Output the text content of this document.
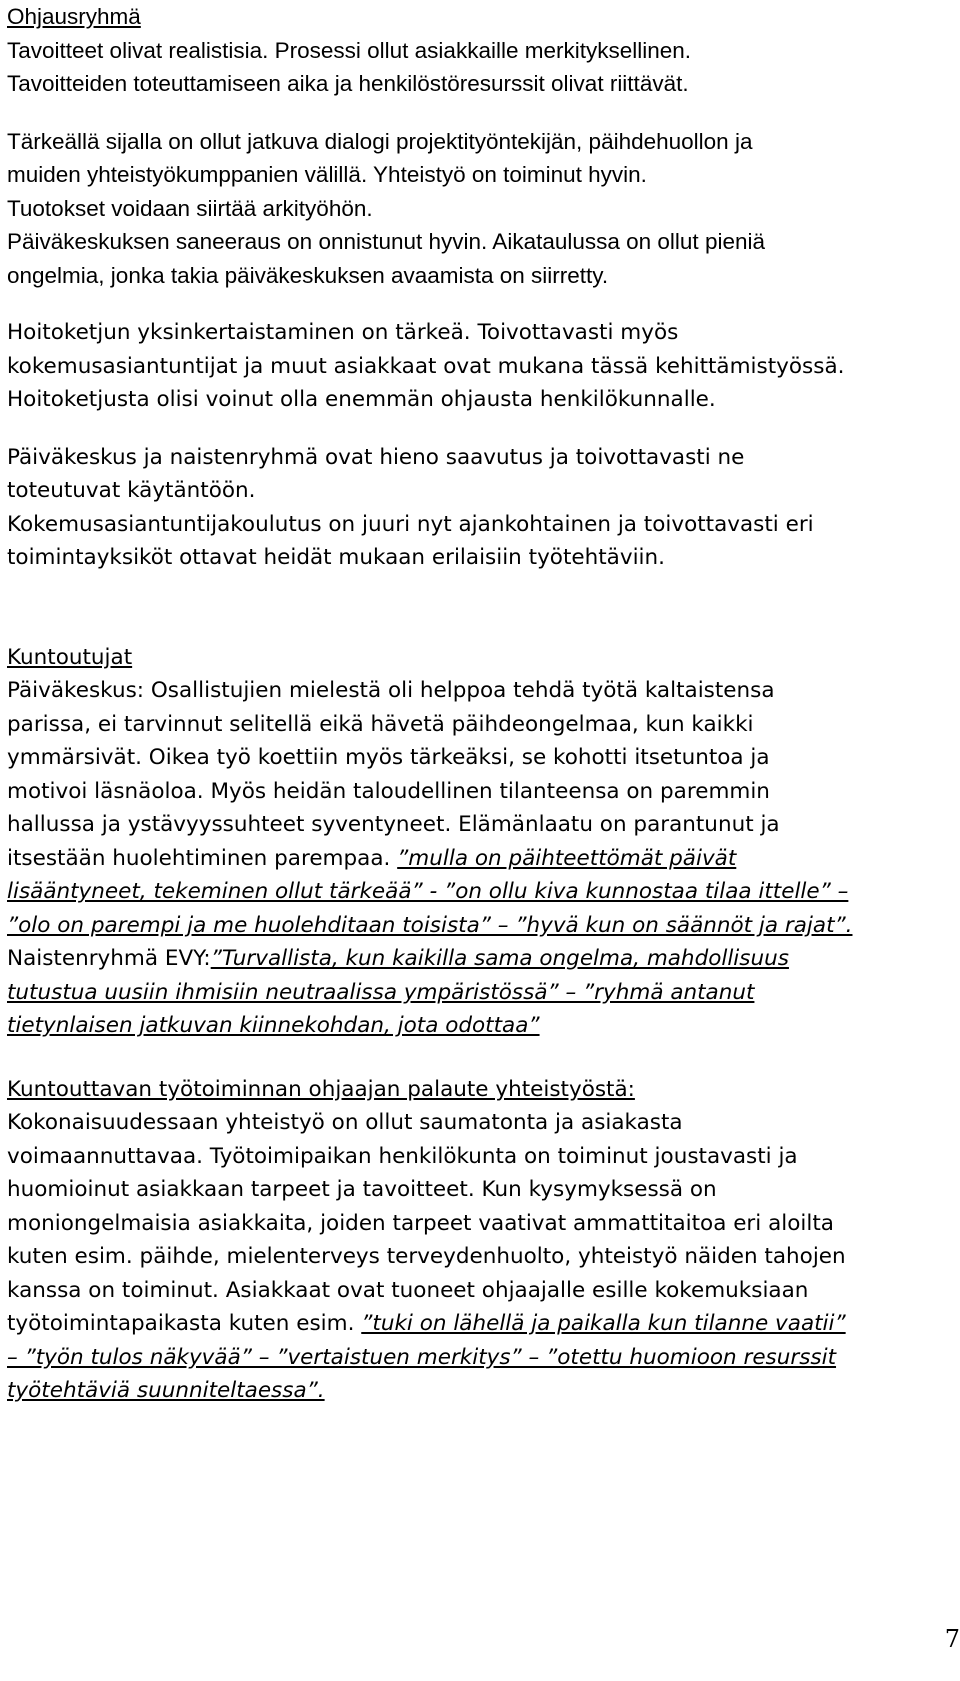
Ohjausryhmä

Tavoitteet olivat realistisia. Prosessi ollut asiakkaille merkityksellinen.

Tavoitteiden toteuttamiseen aika ja henkilöstöresurssit olivat riittävät.

Tärkeällä sijalla on ollut jatkuva dialogi projektityöntekijän, päihdehuollon ja

muiden yhteistyökumppanien välillä. Yhteistyö on toiminut hyvin.

Tuotokset voidaan siirtää arkityöhön.

Päiväkeskuksen saneeraus on onnistunut hyvin. Aikataulussa on ollut pieniä

ongelmia, jonka takia päiväkeskuksen avaamista on siirretty.

Hoitoketjun yksinkertaistaminen on tärkeä. Toivottavasti myös

kokemusasiantuntijat ja muut asiakkaat ovat mukana tässä kehittämistyössä.

Hoitoketjusta olisi voinut olla enemmän ohjausta henkilökunnalle.

Päiväkeskus ja naistenryhmä ovat hieno saavutus ja toivottavasti ne

toteutuvat käytäntöön.

Kokemusasiantuntijakoulutus on juuri nyt ajankohtainen ja toivottavasti eri

toimintayksiköt ottavat heidät mukaan erilaisiin työtehtäviin.

Kuntoutujat

Päiväkeskus: Osallistujien mielestä oli helppoa tehdä työtä kaltaistensa

parissa, ei tarvinnut selitellä eikä hävetä päihdeongelmaa, kun kaikki

ymmärsivät. Oikea työ koettiin myös tärkeäksi, se kohotti itsetuntoa ja

motivoi läsnäoloa. Myös heidän taloudellinen tilanteensa on paremmin

hallussa ja ystävyyssuhteet syventyneet. Elämänlaatu on parantunut ja

itsestään huolehtiminen parempaa. ”mulla on päihteettömät päivät

lisääntyneet, tekeminen ollut tärkeää” - ”on ollu kiva kunnostaa tilaa ittelle” –

”olo on parempi ja me huolehditaan toisista” – ”hyvä kun on säännöt ja rajat”.

Naistenryhmä EVY:”Turvallista, kun kaikilla sama ongelma, mahdollisuus

tutustua uusiin ihmisiin neutraalissa ympäristössä” – ”ryhmä antanut

tietynlaisen jatkuvan kiinnekohdan, jota odottaa”

Kuntouttavan työtoiminnan ohjaajan palaute yhteistyöstä:

Kokonaisuudessaan yhteistyö on ollut saumatonta ja asiakasta

voimaannuttavaa. Työtoimipaikan henkilökunta on toiminut joustavasti ja

huomioinut asiakkaan tarpeet ja tavoitteet. Kun kysymyksessä on

moniongelmaisia asiakkaita, joiden tarpeet vaativat ammattitaitoa eri aloilta

kuten esim. päihde, mielenterveys terveydenhuolto, yhteistyö näiden tahojen

kanssa on toiminut. Asiakkaat ovat tuoneet ohjaajalle esille kokemuksiaan

työtoimintapaikasta kuten esim. ”tuki on lähellä ja paikalla kun tilanne vaatii”

– ”työn tulos näkyvää” – ”vertaistuen merkitys” – ”otettu huomioon resurssit

työtehtäviä suunniteltaessa”.

7
